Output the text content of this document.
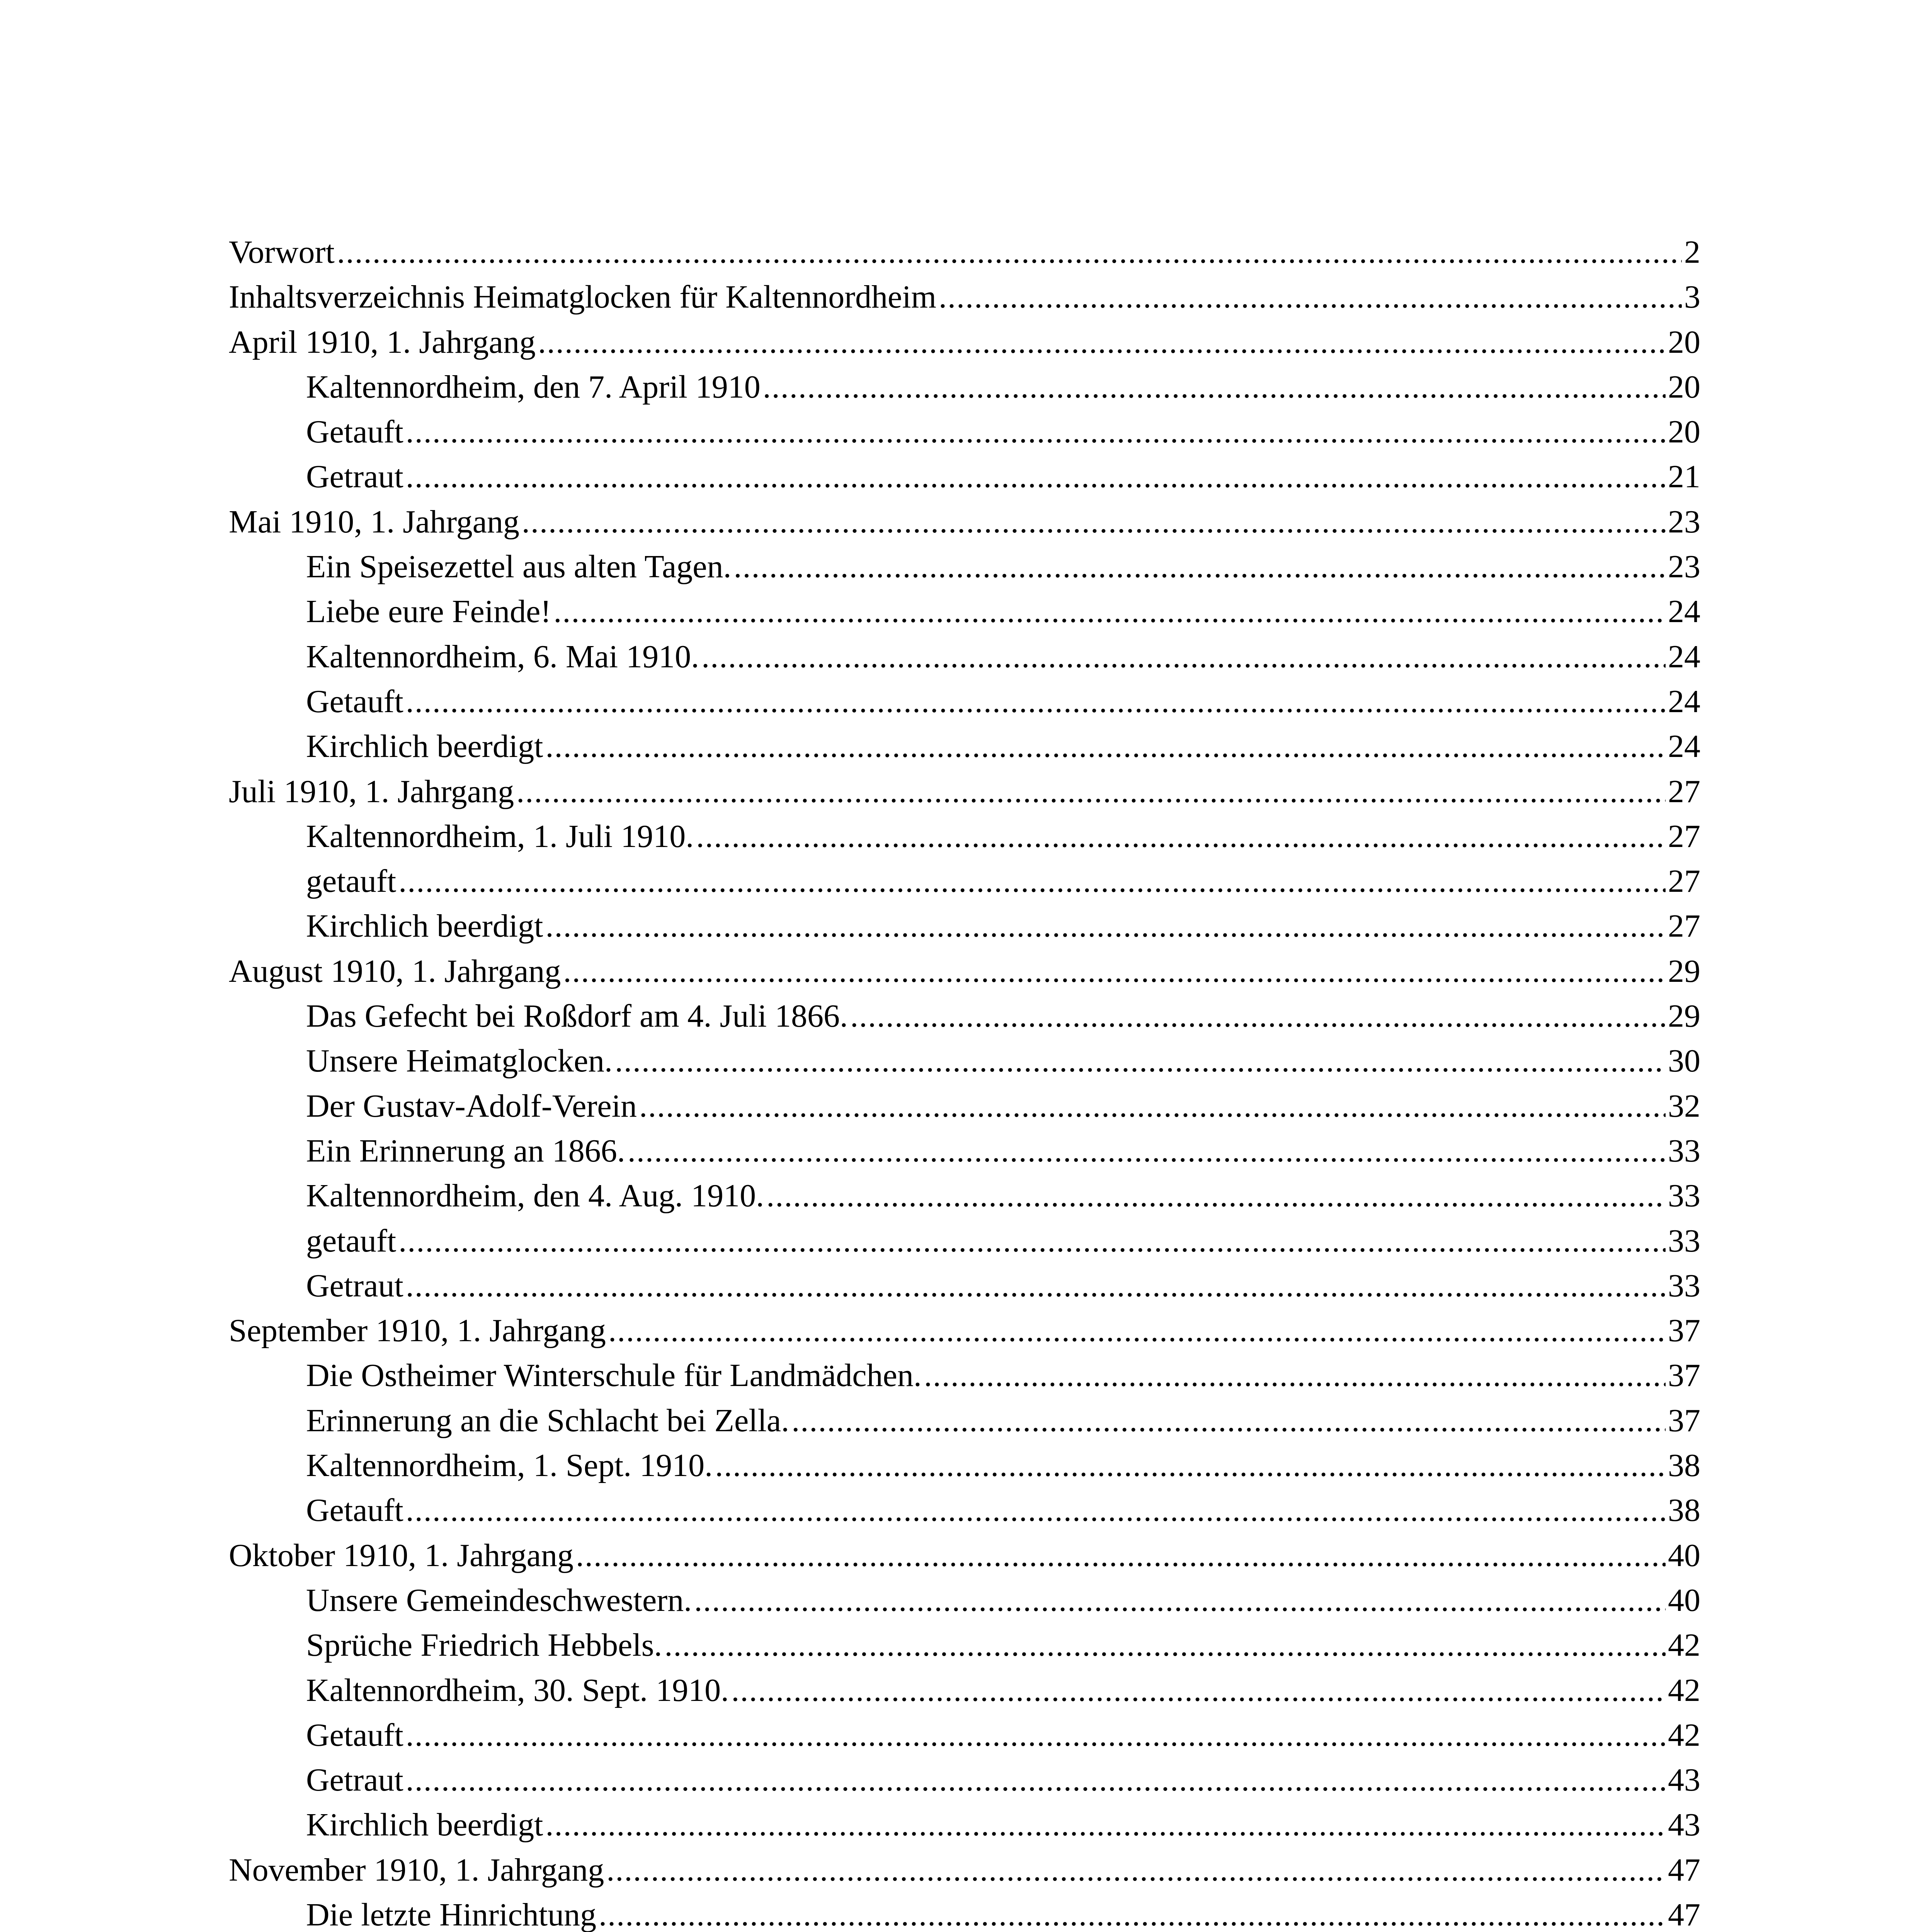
Vorwort .....	2
Inhaltsverzeichnis Heimatglocken für Kaltennordheim .....	3
April 1910, 1. Jahrgang .....	20
Kaltennordheim, den 7. April 1910 .....	20
Getauft .....	20
Getraut .....	21
Mai 1910, 1. Jahrgang .....	23
Ein Speisezettel aus alten Tagen. .....	23
Liebe eure Feinde! .....	24
Kaltennordheim, 6. Mai 1910. .....	24
Getauft .....	24
Kirchlich beerdigt .....	24
Juli 1910, 1. Jahrgang .....	27
Kaltennordheim, 1. Juli 1910. .....	27
getauft .....	27
Kirchlich beerdigt .....	27
August 1910, 1. Jahrgang .....	29
Das Gefecht bei Roßdorf am 4. Juli 1866. .....	29
Unsere Heimatglocken. .....	30
Der Gustav-Adolf-Verein .....	32
Ein Erinnerung an 1866. .....	33
Kaltennordheim, den 4. Aug. 1910. .....	33
getauft .....	33
Getraut .....	33
September 1910, 1. Jahrgang .....	37
Die Ostheimer Winterschule für Landmädchen. .....	37
Erinnerung an die Schlacht bei Zella. .....	37
Kaltennordheim, 1. Sept. 1910. .....	38
Getauft .....	38
Oktober 1910, 1. Jahrgang .....	40
Unsere Gemeindeschwestern. .....	40
Sprüche Friedrich Hebbels. .....	42
Kaltennordheim, 30. Sept. 1910. .....	42
Getauft .....	42
Getraut .....	43
Kirchlich beerdigt .....	43
November 1910, 1. Jahrgang .....	47
Die letzte Hinrichtung .....	47
